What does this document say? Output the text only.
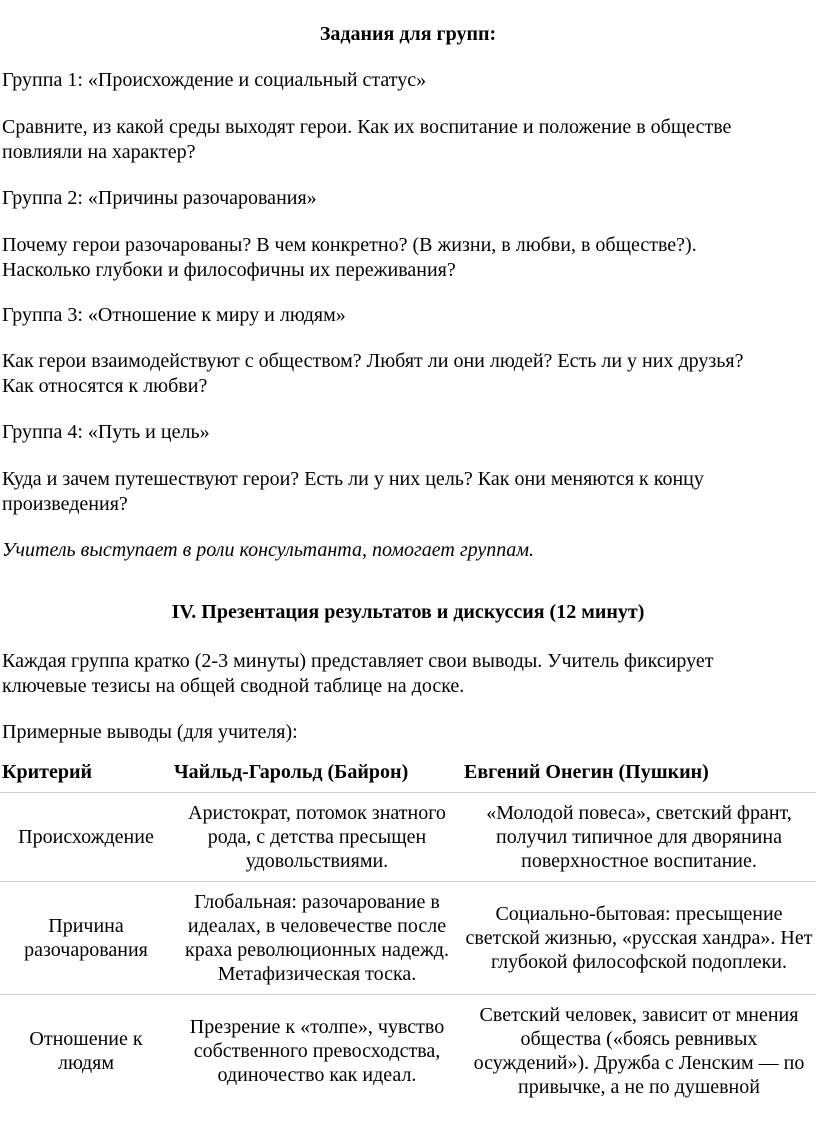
Задания для групп:
Группа 1: «Происхождение и социальный статус»
Сравните, из какой среды выходят герои. Как их воспитание и положение в обществе
повлияли на характер?
Группа 2: «Причины разочарования»
Почему герои разочарованы? В чем конкретно? (В жизни, в любви, в обществе?).
Насколько глубоки и философичны их переживания?
Группа 3: «Отношение к миру и людям»
Как герои взаимодействуют с обществом? Любят ли они людей? Есть ли у них друзья?
Как относятся к любви?
Группа 4: «Путь и цель»
Куда и зачем путешествуют герои? Есть ли у них цель? Как они меняются к концу
произведения?
Учитель выступает в роли консультанта, помогает группам.
IV. Презентация результатов и дискуссия (12 минут)
Каждая группа кратко (2-3 минуты) представляет свои выводы. Учитель фиксирует
ключевые тезисы на общей сводной таблице на доске.
Примерные выводы (для учителя):
Критерий	Чайльд-Гарольд (Байрон)	Евгений Онегин (Пушкин)
Происхождение	Аристократ, потомок знатного рода, с детства пресыщен удовольствиями.	«Молодой повеса», светский франт, получил типичное для дворянина поверхностное воспитание.
Причина разочарования	Глобальная: разочарование в идеалах, в человечестве после краха революционных надежд. Метафизическая тоска.	Социально-бытовая: пресыщение светской жизнью, «русская хандра». Нет глубокой философской подоплеки.
Отношение к людям	Презрение к «толпе», чувство собственного превосходства, одиночество как идеал.	Светский человек, зависит от мнения общества («боясь ревнивых осуждений»). Дружба с Ленским — по привычке, а не по душевной
